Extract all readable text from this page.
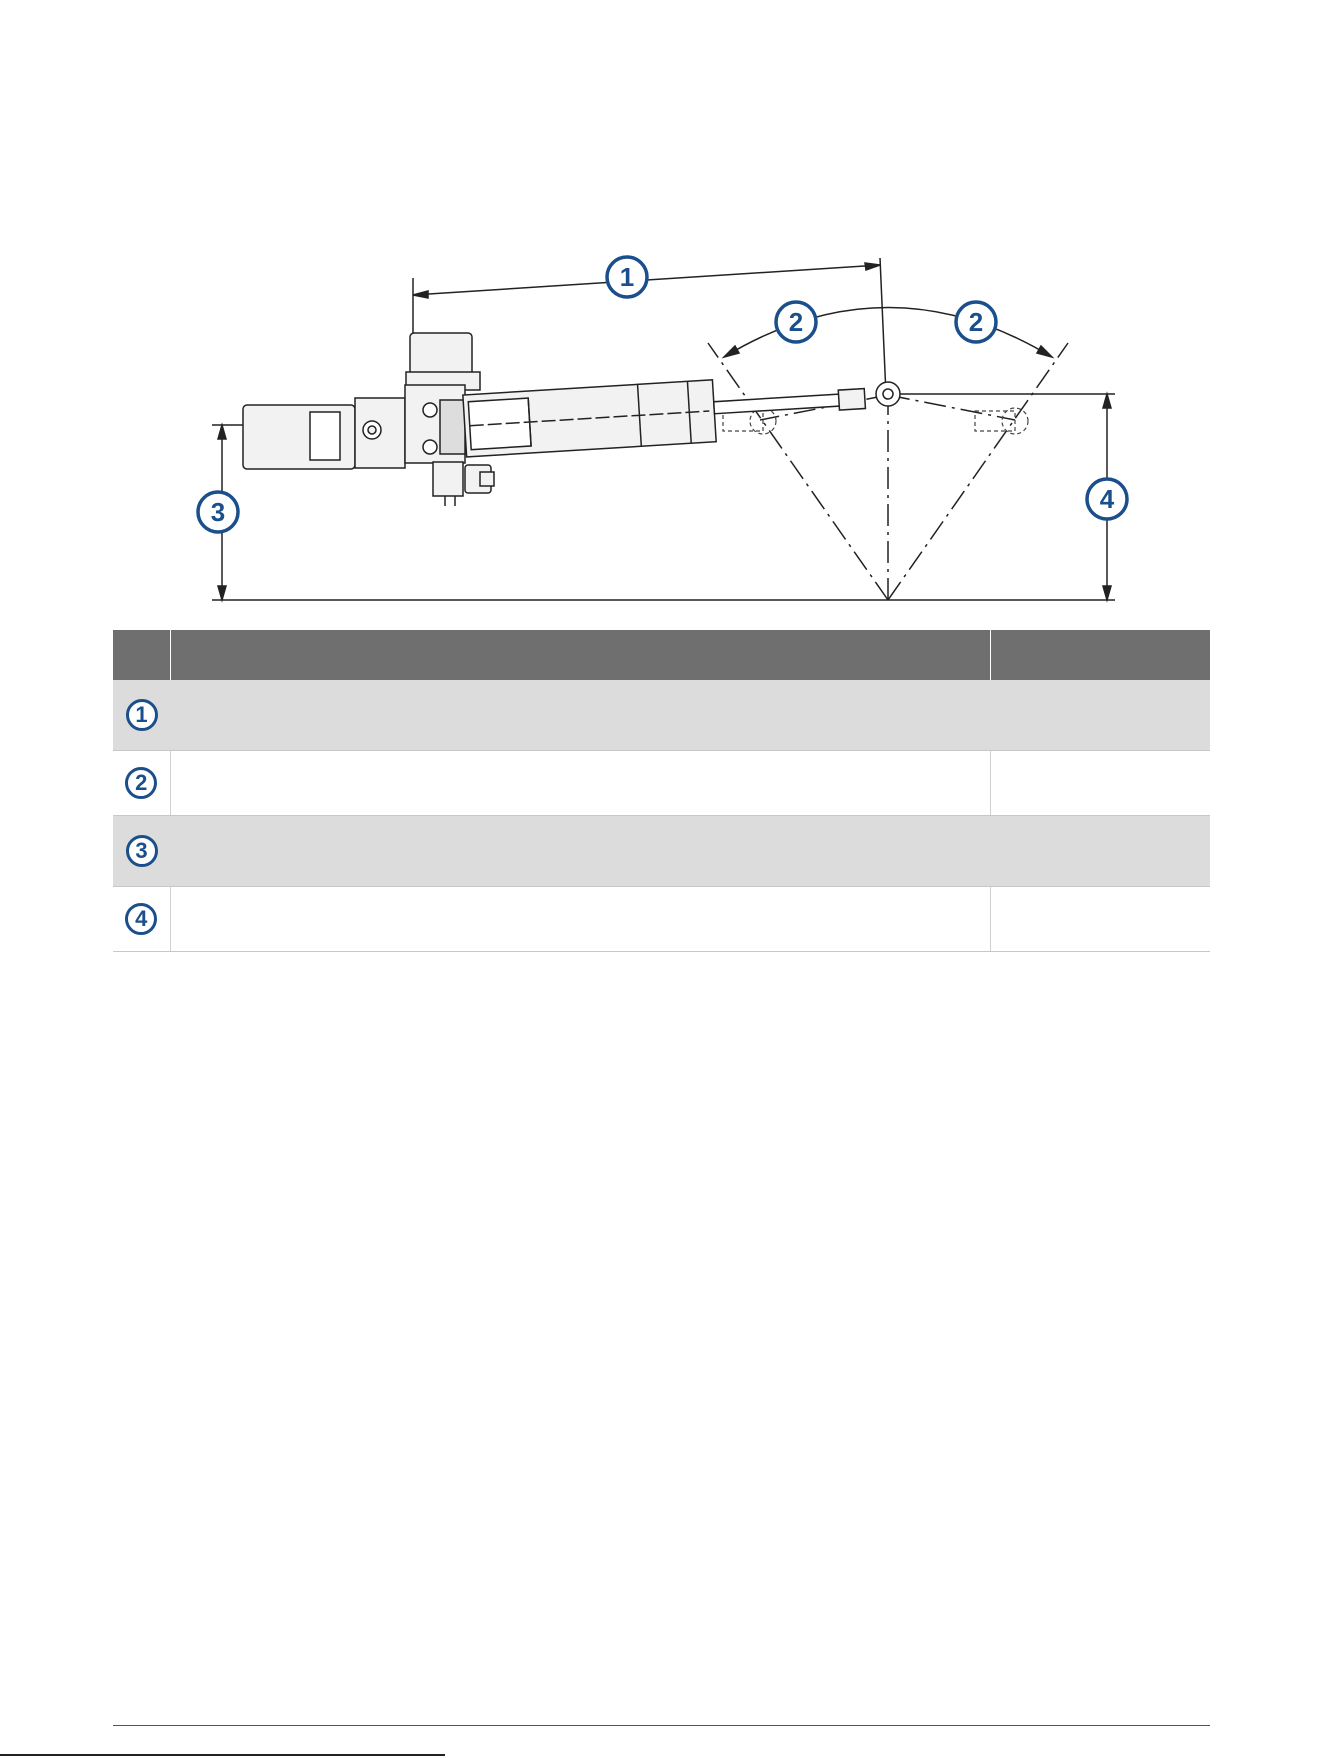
1
2	2
3	4

1		
2		
3		
4		
